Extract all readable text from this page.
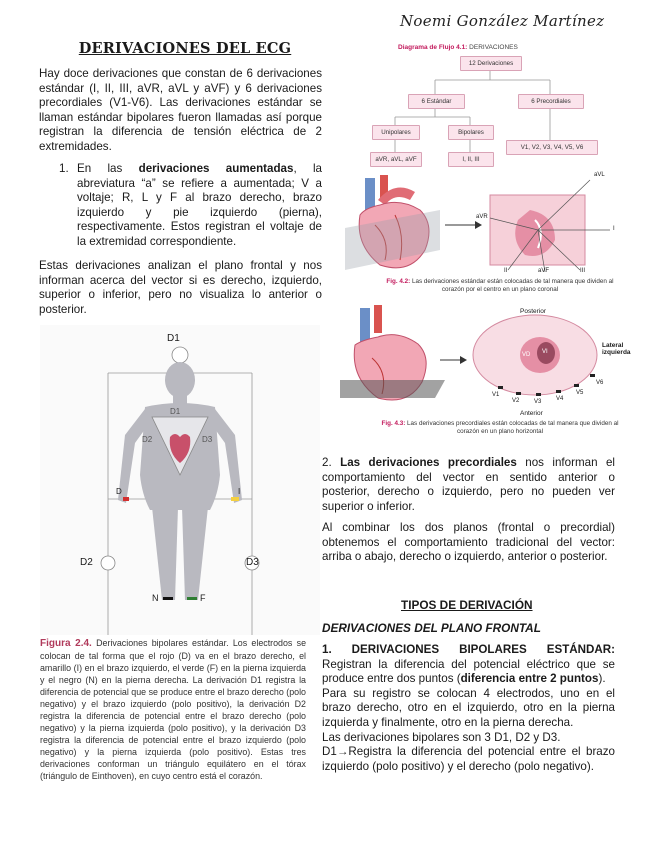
Noemi González Martínez
DERIVACIONES DEL ECG
Hay doce derivaciones que constan de 6 derivaciones estándar (I, II, III, aVR, aVL y aVF) y 6 derivaciones precordiales (V1-V6). Las derivaciones estándar se llaman estándar bipolares fueron llamadas así porque registran la diferencia de tensión eléctrica de 2 extremidades.
1. En las derivaciones aumentadas, la abreviatura “a” se refiere a aumentada; V a voltaje; R, L y F al brazo derecho, brazo izquierdo y pie izquierdo (pierna), respectivamente. Estos registran el voltaje de la extremidad correspondiente.
Estas derivaciones analizan el plano frontal y nos informan acerca del vector si es derecho, izquierdo, superior o inferior, pero no visualiza lo anterior o posterior.
Diagrama de Flujo 4.1: DERIVACIONES
12 Derivaciones
6 Estándar	6 Precordiales
Unipolares	Bipolares
aVR, aVL, aVF	I, II, III
V1, V2, V3, V4, V5, V6
aVL
aVR
I
II	III
aVF
Fig. 4.2: Las derivaciones estándar están colocadas de tal manera que dividen al corazón por el centro en un plano coronal
Posterior
Anterior
Lateral izquierda
VD VI
V1
V2 V3 V4
V5
V6
Fig. 4.3: Las derivaciones precordiales están colocadas de tal manera que dividen al corazón en un plano horizontal
D1
D1
D2	D3
D	I
D2	D3
N	F
Figura 2.4. Derivaciones bipolares estándar. Los electrodos se colocan de tal forma que el rojo (D) va en el brazo derecho, el amarillo (I) en el brazo izquierdo, el verde (F) en la pierna izquierda y el negro (N) en la pierna derecha. La derivación D1 registra la diferencia de potencial que se produce entre el brazo derecho (polo negativo) y el brazo izquierdo (polo positivo), la derivación D2 registra la diferencia de potencial entre el brazo derecho (polo negativo) y la pierna izquierda (polo positivo), y la derivación D3 registra la diferencia de potencial entre el brazo izquierdo (polo negativo) y la pierna izquierda (polo positivo). Estas tres derivaciones conforman un triángulo equilátero en el tórax (triángulo de Einthoven), en cuyo centro está el corazón.
2. Las derivaciones precordiales nos informan el comportamiento del vector en sentido anterior o posterior, derecho o izquierdo, pero no pueden ver superior o inferior.
Al combinar los dos planos (frontal o precordial) obtenemos el comportamiento tradicional del vector: arriba o abajo, derecho o izquierdo, anterior o posterior.
TIPOS DE DERIVACIÓN
DERIVACIONES DEL PLANO FRONTAL
1. DERIVACIONES BIPOLARES ESTÁNDAR:
Registran la diferencia del potencial eléctrico que se produce entre dos puntos (diferencia entre 2 puntos).
Para su registro se colocan 4 electrodos, uno en el brazo derecho, otro en el izquierdo, otro en la pierna izquierda y finalmente, otro en la pierna derecha.
Las derivaciones bipolares son 3 D1, D2 y D3.
D1→Registra la diferencia del potencial entre el brazo izquierdo (polo positivo) y el derecho (polo negativo).
